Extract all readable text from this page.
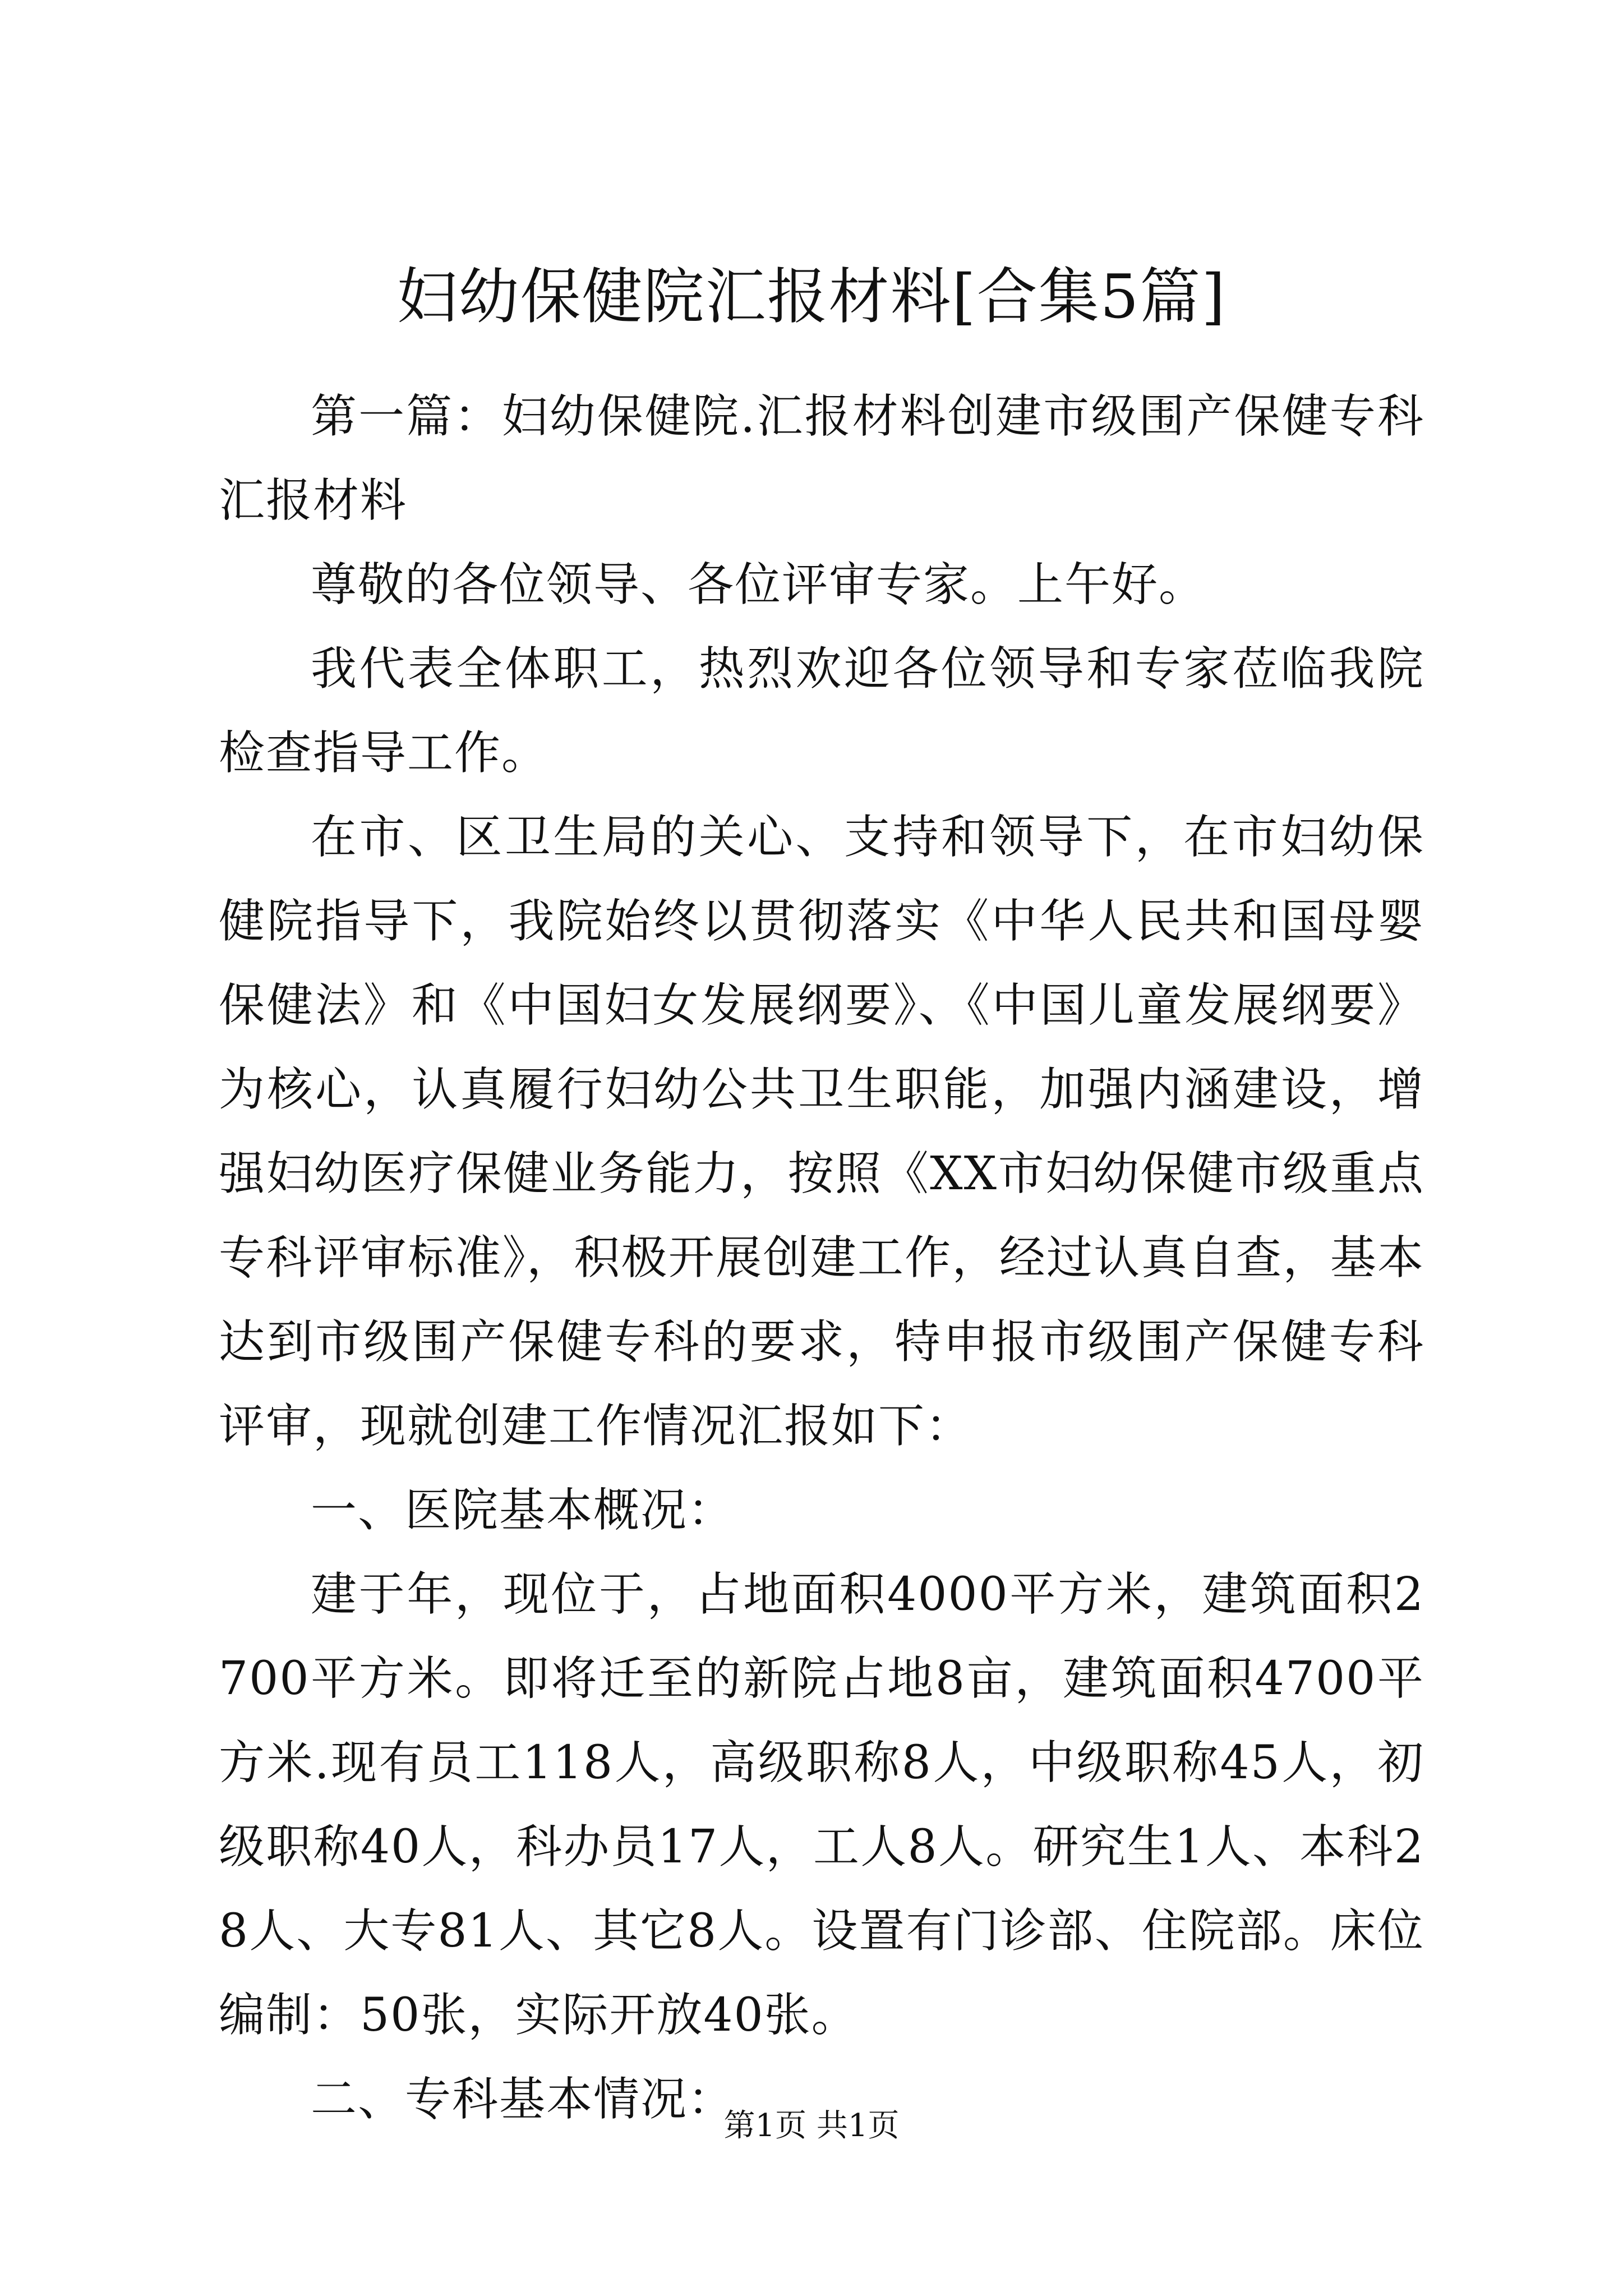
妇幼保健院汇报材料[合集5篇]

第一篇：妇幼保健院.汇报材料创建市级围产保健专科汇报材料

尊敬的各位领导、各位评审专家。上午好。

我代表全体职工，热烈欢迎各位领导和专家莅临我院检查指导工作。

在市、区卫生局的关心、支持和领导下，在市妇幼保健院指导下，我院始终以贯彻落实《中华人民共和国母婴保健法》和《中国妇女发展纲要》、《中国儿童发展纲要》为核心，认真履行妇幼公共卫生职能，加强内涵建设，增强妇幼医疗保健业务能力，按照《XX市妇幼保健市级重点专科评审标准》，积极开展创建工作，经过认真自查，基本达到市级围产保健专科的要求，特申报市级围产保健专科评审，现就创建工作情况汇报如下：

一、医院基本概况：

建于年，现位于，占地面积4000平方米，建筑面积2700平方米。即将迁至的新院占地8亩，建筑面积4700平方米.现有员工118人，高级职称8人，中级职称45人，初级职称40人，科办员17人，工人8人。研究生1人、本科28人、大专81人、其它8人。设置有门诊部、住院部。床位编制：50张，实际开放40张。

二、专科基本情况：

第1页 共1页
